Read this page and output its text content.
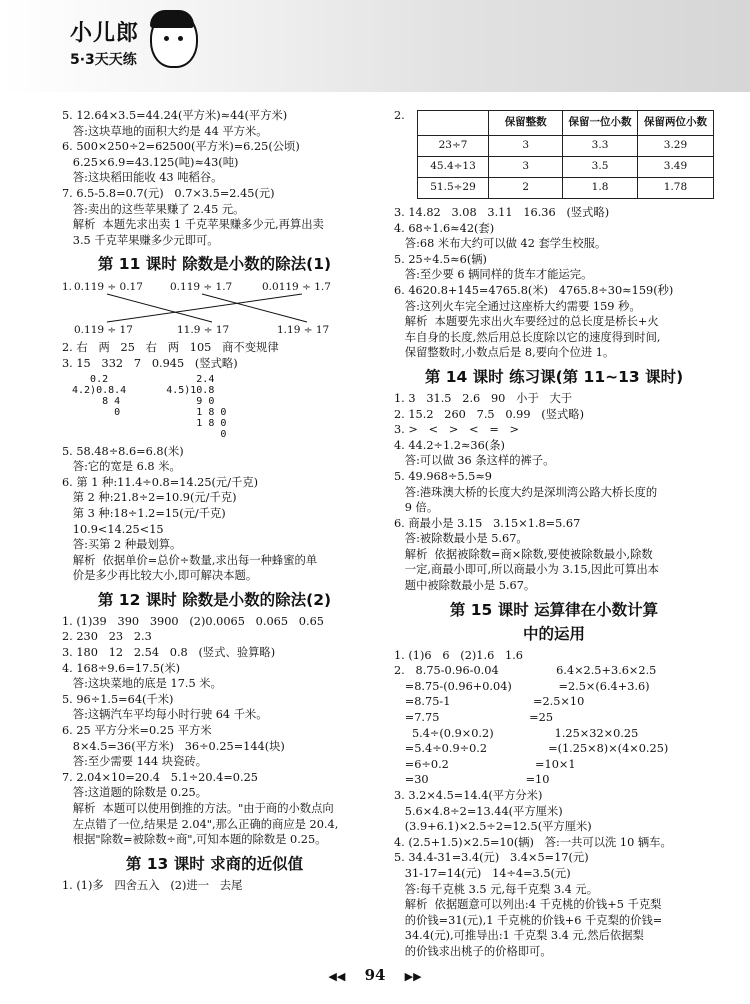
小儿郎
5·3天天练
5. 12.64×3.5=44.24(平方米)≈44(平方米)
答:这块草地的面积大约是 44 平方米。
6. 500×250÷2=62500(平方米)=6.25(公顷)
6.25×6.9=43.125(吨)≈43(吨)
答:这块稻田能收 43 吨稻谷。
7. 6.5-5.8=0.7(元)   0.7×3.5=2.45(元)
答:卖出的这些苹果赚了 2.45 元。
解析  本题先求出卖 1 千克苹果赚多少元,再算出卖
3.5 千克苹果赚多少元即可。
第 11 课时 除数是小数的除法(1)
1. 0.119 ÷ 0.17	0.119 ÷ 1.7	0.0119 ÷ 1.7
0.119 ÷ 17	11.9 ÷ 17	1.19 ÷ 17
2. 右   两   25   右   两   105   商不变规律
3. 15   332   7   0.945   (竖式略)
0.2
4.2)0.8.4
8 4
0
2.4
4.5)10.8
9 0
1 8 0
1 8 0
0
5. 58.48÷8.6=6.8(米)
答:它的宽是 6.8 米。
6. 第 1 种:11.4÷0.8=14.25(元/千克)
第 2 种:21.8÷2=10.9(元/千克)
第 3 种:18÷1.2=15(元/千克)
10.9<14.25<15
答:买第 2 种最划算。
解析  依据单价=总价÷数量,求出每一种蜂蜜的单
价是多少再比较大小,即可解决本题。
第 12 课时 除数是小数的除法(2)
1. (1)39   390   3900   (2)0.0065   0.065   0.65
2. 230   23   2.3
3. 180   12   2.54   0.8   (竖式、验算略)
4. 168÷9.6=17.5(米)
答:这块菜地的底是 17.5 米。
5. 96÷1.5=64(千米)
答:这辆汽车平均每小时行驶 64 千米。
6. 25 平方分米=0.25 平方米
8×4.5=36(平方米)   36÷0.25=144(块)
答:至少需要 144 块瓷砖。
7. 2.04×10=20.4   5.1÷20.4=0.25
答:这道题的除数是 0.25。
解析  本题可以使用倒推的方法。"由于商的小数点向
左点错了一位,结果是 2.04",那么正确的商应是 20.4,
根据"除数=被除数÷商",可知本题的除数是 0.25。
第 13 课时 求商的近似值
1. (1)多   四舍五入   (2)进一   去尾
2.
	保留整数	保留一位小数	保留两位小数
23÷7	3	3.3	3.29
45.4÷13	3	3.5	3.49
51.5÷29	2	1.8	1.78
3. 14.82   3.08   3.11   16.36   (竖式略)
4. 68÷1.6≈42(套)
答:68 米布大约可以做 42 套学生校服。
5. 25÷4.5≈6(辆)
答:至少要 6 辆同样的货车才能运完。
6. 4620.8+145=4765.8(米)   4765.8÷30≈159(秒)
答:这列火车完全通过这座桥大约需要 159 秒。
解析  本题要先求出火车要经过的总长度是桥长+火
车自身的长度,然后用总长度除以它的速度得到时间,
保留整数时,小数点后是 8,要向个位进 1。
第 14 课时 练习课(第 11~13 课时)
1. 3   31.5   2.6   90   小于   大于
2. 15.2   260   7.5   0.99   (竖式略)
3. >   <   >   <   =   >
4. 44.2÷1.2≈36(条)
答:可以做 36 条这样的裤子。
5. 49.968÷5.5≈9
答:港珠澳大桥的长度大约是深圳湾公路大桥长度的
9 倍。
6. 商最小是 3.15   3.15×1.8=5.67
答:被除数最小是 5.67。
解析  依据被除数=商×除数,要使被除数最小,除数
一定,商最小即可,所以商最小为 3.15,因此可算出本
题中被除数最小是 5.67。
第 15 课时 运算律在小数计算
中的运用
1. (1)6   6   (2)1.6   1.6
2.   8.75-0.96-0.04                6.4×2.5+3.6×2.5
=8.75-(0.96+0.04)             =2.5×(6.4+3.6)
=8.75-1                       =2.5×10
=7.75                         =25
5.4÷(0.9×0.2)                 1.25×32×0.25
=5.4÷0.9÷0.2                 =(1.25×8)×(4×0.25)
=6÷0.2                        =10×1
=30                           =10
3. 3.2×4.5=14.4(平方分米)
5.6×4.8÷2=13.44(平方厘米)
(3.9+6.1)×2.5÷2=12.5(平方厘米)
4. (2.5+1.5)×2.5=10(辆)   答:一共可以洗 10 辆车。
5. 34.4-31=3.4(元)   3.4×5=17(元)
31-17=14(元)   14÷4=3.5(元)
答:每千克桃 3.5 元,每千克梨 3.4 元。
解析  依据题意可以列出:4 千克桃的价钱+5 千克梨
的价钱=31(元),1 千克桃的价钱+6 千克梨的价钱=
34.4(元),可推导出:1 千克梨 3.4 元,然后依据梨
的价钱求出桃子的价格即可。
◀◀ 94 ▶▶
